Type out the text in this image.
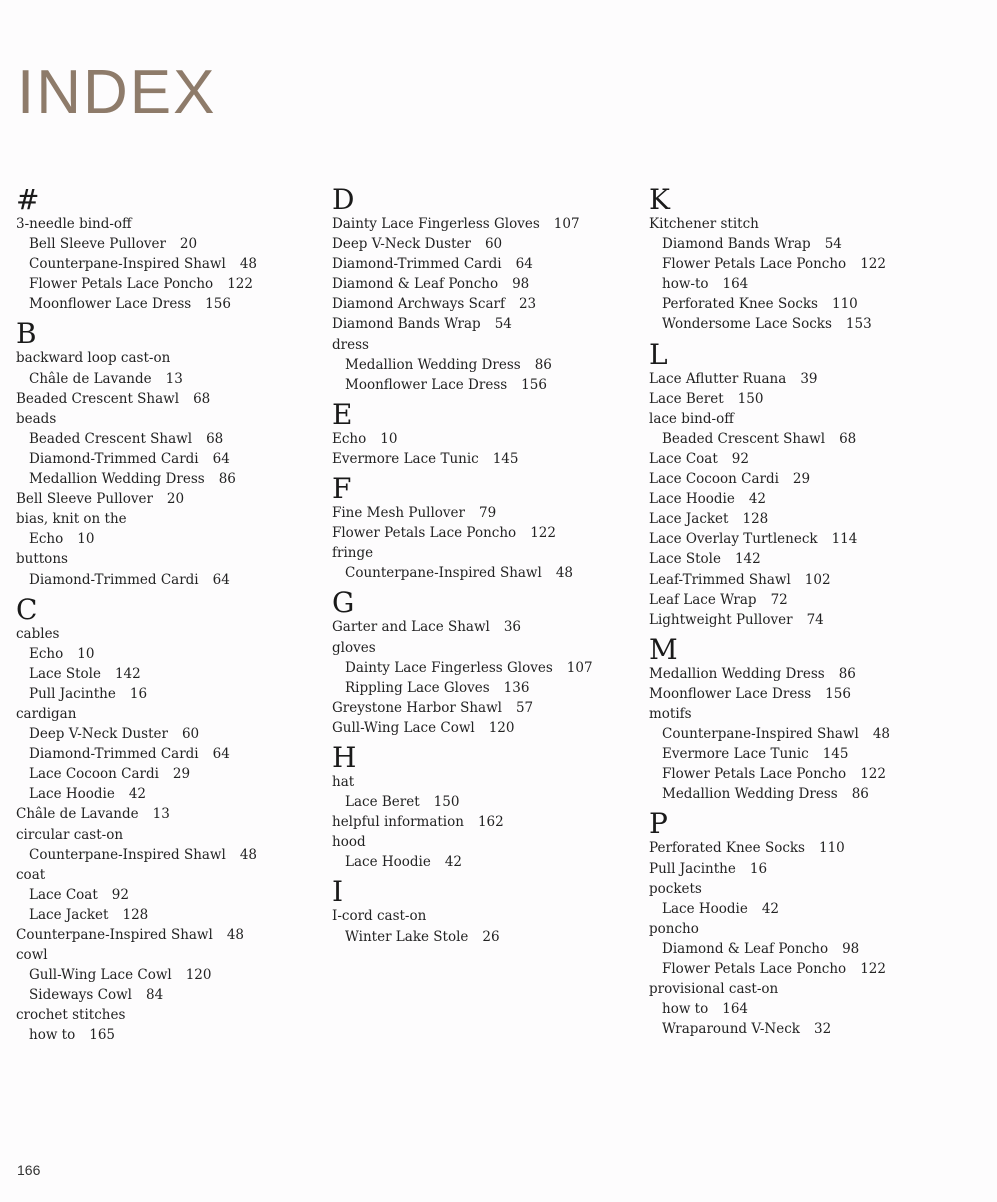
INDEX
#
3-needle bind-off
Bell Sleeve Pullover 20
Counterpane-Inspired Shawl 48
Flower Petals Lace Poncho 122
Moonflower Lace Dress 156
B
backward loop cast-on
Châle de Lavande 13
Beaded Crescent Shawl 68
beads
Beaded Crescent Shawl 68
Diamond-Trimmed Cardi 64
Medallion Wedding Dress 86
Bell Sleeve Pullover 20
bias, knit on the
Echo 10
buttons
Diamond-Trimmed Cardi 64
C
cables
Echo 10
Lace Stole 142
Pull Jacinthe 16
cardigan
Deep V-Neck Duster 60
Diamond-Trimmed Cardi 64
Lace Cocoon Cardi 29
Lace Hoodie 42
Châle de Lavande 13
circular cast-on
Counterpane-Inspired Shawl 48
coat
Lace Coat 92
Lace Jacket 128
Counterpane-Inspired Shawl 48
cowl
Gull-Wing Lace Cowl 120
Sideways Cowl 84
crochet stitches
how to 165
D
Dainty Lace Fingerless Gloves 107
Deep V-Neck Duster 60
Diamond-Trimmed Cardi 64
Diamond & Leaf Poncho 98
Diamond Archways Scarf 23
Diamond Bands Wrap 54
dress
Medallion Wedding Dress 86
Moonflower Lace Dress 156
E
Echo 10
Evermore Lace Tunic 145
F
Fine Mesh Pullover 79
Flower Petals Lace Poncho 122
fringe
Counterpane-Inspired Shawl 48
G
Garter and Lace Shawl 36
gloves
Dainty Lace Fingerless Gloves 107
Rippling Lace Gloves 136
Greystone Harbor Shawl 57
Gull-Wing Lace Cowl 120
H
hat
Lace Beret 150
helpful information 162
hood
Lace Hoodie 42
I
I-cord cast-on
Winter Lake Stole 26
K
Kitchener stitch
Diamond Bands Wrap 54
Flower Petals Lace Poncho 122
how-to 164
Perforated Knee Socks 110
Wondersome Lace Socks 153
L
Lace Aflutter Ruana 39
Lace Beret 150
lace bind-off
Beaded Crescent Shawl 68
Lace Coat 92
Lace Cocoon Cardi 29
Lace Hoodie 42
Lace Jacket 128
Lace Overlay Turtleneck 114
Lace Stole 142
Leaf-Trimmed Shawl 102
Leaf Lace Wrap 72
Lightweight Pullover 74
M
Medallion Wedding Dress 86
Moonflower Lace Dress 156
motifs
Counterpane-Inspired Shawl 48
Evermore Lace Tunic 145
Flower Petals Lace Poncho 122
Medallion Wedding Dress 86
P
Perforated Knee Socks 110
Pull Jacinthe 16
pockets
Lace Hoodie 42
poncho
Diamond & Leaf Poncho 98
Flower Petals Lace Poncho 122
provisional cast-on
how to 164
Wraparound V-Neck 32
166
